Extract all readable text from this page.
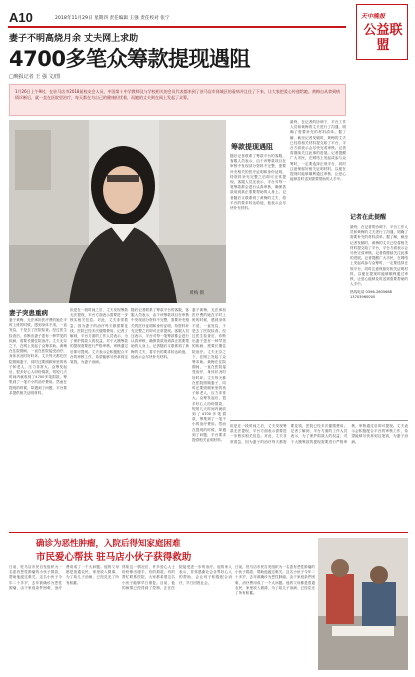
A10	2018年11月29日 星期四 责任编辑 王强 责任校对 张宁	天中晚报
公益联盟
妻子不明高烧月余 丈夫网上求助
4700多笔众筹款提现遇阻
□晚报记者 王 强 文/图

1月26日上午9时，在驻马店市2018届校友会人员，中国第十中学教师及与学校相关的会员代表都来到了驻马店市驿城区的看病并且住了下来，让大家把爱心传递给她。黄梅自从拿到病情诊断后，就一直在医院里治疗，每天都在为自己的健康担忧着，而她的丈夫则在网上发起了众筹。

黄梅 摄
筹款提现遇阻

随后记者联系了筹款平台的客服，客服人员表示，由于该筹款项目在审核中发现部分资料不完整，需要补充相关的医疗证明和身份证明，待资料补充完整之后即可正常提现。客服人员还表示，平台对每一笔筹款都会进行认真审核，确保善款用到真正需要帮助的人身上。记者随后又联系到了黄梅的丈夫，将平台的要求转达给他，他表示会尽快补充材料。

最终，在记者的协调下，平台工作人员和黄梅的丈夫进行了沟通，明确了需要补充的材料清单。据了解，截至记者发稿时，黄梅的丈夫已经将相关材料提交给了平台，平台方面表示会尽快完成审核。记者将继续关注此事的进展。记者提醒广大市民，在网络上发起或参与众筹时，一定要选择正规平台，同时注意保留好相关证明材料，以便在提现时能够顺利通过审核，让爱心能够及时送到需要帮助的人手中。

记者在此提醒

最终，在记者的协调下，平台工作人员和黄梅的丈夫进行了沟通，明确了需要补充的材料清单。据了解，截至记者发稿时，黄梅的丈夫已经将相关材料提交给了平台，平台方面表示会尽快完成审核。记者将继续关注此事的进展。记者提醒广大市民，在网络上发起或参与众筹时，一定要选择正规平台，同时注意保留好相关证明材料，以便在提现时能够顺利通过审核，让爱心能够及时送到需要帮助的人手中。

热线电话 0396-2605688 13703960000
妻子突患重病

妻子黄梅，无法承担医疗费的她在平时上班的时候，感到身体不适，一直发烧，于是去了医院检查。经过医生检查后，诊断出妻子患有一种罕见的疾病，需要长期住院治疗。丈夫无奈之下，在网上发起了众筹求助。黄梅在住院期间，一直在医院接受治疗，身体状况时好时坏。丈夫每天都在医院照顾妻子，同时还要照顾家里的孩子和老人，压力非常大。众筹发起后，很多好心人纷纷捐款，短短几天时间内就收到了4700多笔捐款，筹集到了一笔不小的治疗费用。然而在提现的时候，却遇到了问题，平台要求提供相关证明材料。

但是在一段时间之后，丈夫发现筹款无法提现，平台方面表示需要进一步核实相关信息。对此，丈夫非常着急，因为妻子的治疗每天都需要花钱，医院已经多次催缴费用。记者了解到，平台方面的工作人员表示，为了保护捐款人的权益，对于大额筹款的提现需要进行严格审核，审核通过后即可提现。丈夫表示会积极配合平台的审核工作，希望能够尽快拿到这笔钱，为妻子治病。

随后记者联系了筹款平台的客服，客服人员表示，由于该筹款项目在审核中发现部分资料不完整，需要补充相关的医疗证明和身份证明，待资料补充完整之后即可正常提现。客服人员还表示，平台对每一笔筹款都会进行认真审核，确保善款用到真正需要帮助的人身上。记者随后又联系到了黄梅的丈夫，将平台的要求转达给他，他表示会尽快补充材料。

妻子黄梅，无法承担医疗费的她在平时上班的时候，感到身体不适，一直发烧，于是去了医院检查。经过医生检查后，诊断出妻子患有一种罕见的疾病，需要长期住院治疗。丈夫无奈之下，在网上发起了众筹求助。黄梅在住院期间，一直在医院接受治疗，身体状况时好时坏。丈夫每天都在医院照顾妻子，同时还要照顾家里的孩子和老人，压力非常大。众筹发起后，很多好心人纷纷捐款，短短几天时间内就收到了4700多笔捐款，筹集到了一笔不小的治疗费用。然而在提现的时候，却遇到了问题，平台要求提供相关证明材料。

但是在一段时间之后，丈夫发现筹款无法提现，平台方面表示需要进一步核实相关信息。对此，丈夫非常着急，因为妻子的治疗每天都需要花钱，医院已经多次催缴费用。记者了解到，平台方面的工作人员表示，为了保护捐款人的权益，对于大额筹款的提现需要进行严格审核，审核通过后即可提现。丈夫表示会积极配合平台的审核工作，希望能够尽快拿到这笔钱，为妻子治病。

确诊为恶性肿瘤，入院后得知家庭困难
市民爱心帮扶 驻马店小伙子获得救助

日前，驻马店市民自发组织为一名患有恶性肿瘤的小伙子捐款，帮助他渡过难关。这名小伙子今年二十多岁，去年被确诊为恶性肿瘤，由于家庭条件困难，治疗费用成了一个大问题。他的父母都是普通农民，家里收入微薄，为了给儿子治病，已经花光了所有积蓄。

得知这一情况后，许多爱心人士纷纷伸出援手，有的捐款，有的帮忙联系医院，大家都希望这名小伙子能够早日康复。目前，他的病情已经得到了控制，正在医院接受进一步的治疗。他的家人表示，非常感谢社会各界好心人的帮助，会让孩子积极配合治疗，早日回报社会。

日前，驻马店市民自发组织为一名患有恶性肿瘤的小伙子捐款，帮助他渡过难关。这名小伙子今年二十多岁，去年被确诊为恶性肿瘤，由于家庭条件困难，治疗费用成了一个大问题。他的父母都是普通农民，家里收入微薄，为了给儿子治病，已经花光了所有积蓄。
